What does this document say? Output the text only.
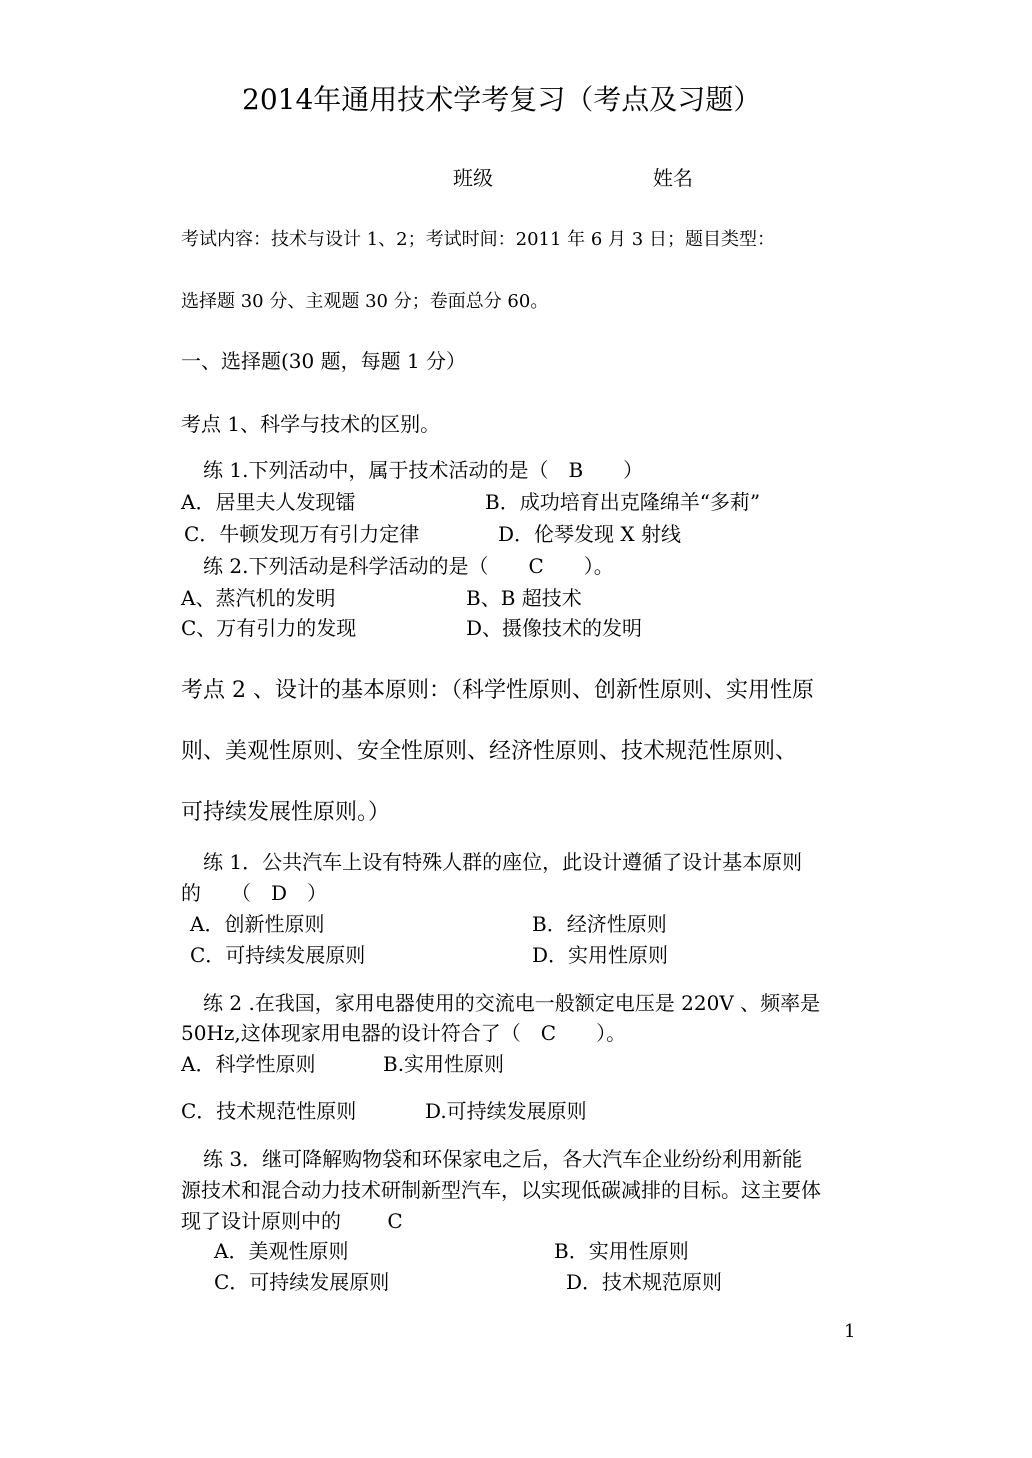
2014年通用技术学考复习（考点及习题）
班级	姓名
考试内容：技术与设计 1、2；考试时间：2011 年 6 月 3 日；题目类型：
选择题 30 分、主观题 30 分；卷面总分 60。
一、选择题(30 题，每题 1 分）
考点 1、科学与技术的区别。
练 1.下列活动中，属于技术活动的是（　B　　）
A．居里夫人发现镭	B．成功培育出克隆绵羊“多莉”
C．牛顿发现万有引力定律	D．伦琴发现 X 射线
练 2.下列活动是科学活动的是（　　C　　）。
A、蒸汽机的发明	B、B 超技术
C、万有引力的发现	D、摄像技术的发明
考点 2 、设计的基本原则：（科学性原则、创新性原则、实用性原
则、美观性原则、安全性原则、经济性原则、技术规范性原则、
可持续发展性原则。）
练 1．公共汽车上设有特殊人群的座位，此设计遵循了设计基本原则
的　　（　D　）
A．创新性原则	B．经济性原则
C．可持续发展原则	D．实用性原则
练 2 .在我国，家用电器使用的交流电一般额定电压是 220V 、频率是
50Hz,这体现家用电器的设计符合了（　C　　）。
A．科学性原则	B.实用性原则
C．技术规范性原则	D.可持续发展原则
练 3．继可降解购物袋和环保家电之后，各大汽车企业纷纷利用新能
源技术和混合动力技术研制新型汽车，以实现低碳减排的目标。这主要体
现了设计原则中的　　 C
A．美观性原则	B．实用性原则
C．可持续发展原则	D．技术规范原则
1
